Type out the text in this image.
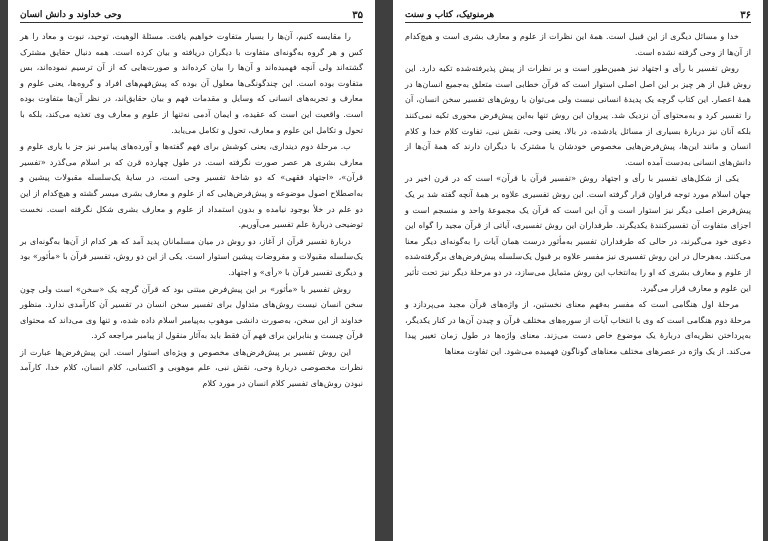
۳۵
وحی خداوند و دانش انسان

را مقایسه کنیم، آن‌ها را بسیار متفاوت خواهیم یافت. مسئلهٔ الوهیت، توحید، نبوت و معاد را هر کس و هر گروه به‌گونه‌ای متفاوت با دیگران دریافته و بیان کرده است. همه دنبال حقایق مشترک گشته‌اند ولی آنچه فهمیده‌اند و آن‌ها را بیان کرده‌اند و صورت‌هایی که از آن ترسیم نموده‌اند، بس متفاوت بوده است. این چندگونگی‌ها معلول آن بوده که پیش‌فهم‌های افراد و گروه‌ها، یعنی علوم و معارف و تجربه‌های انسانی که وسایل و مقدمات فهم و بیان حقایق‌اند، در نظر آن‌ها متفاوت بوده است. واقعیت این است که عقیده، و ایمان آدمی نه‌تنها از علوم و معارف وی تغذیه می‌کند، بلکه با تحول و تکامل این علوم و معارف، تحول و تکامل می‌یابد.

ب. مرحلهٔ دوم دینداری، یعنی کوشش برای فهم گفته‌ها و آورده‌های پیامبر نیز جز با یاری علوم و معارف بشری هر عصر صورت نگرفته است. در طول چهارده قرن که بر اسلام می‌گذرد «تفسیر قرآن»، «اجتهاد فقهی» که دو شاخهٔ تفسیر وحی است، در سایهٔ یک‌سلسله مقبولات پیشین و به‌اصطلاح اصول موضوعه و پیش‌فرض‌هایی که از علوم و معارف بشری میسر گشته و هیچ‌کدام از این دو علم در خلأ بوجود نیامده و بدون استمداد از علوم و معارف بشری شکل نگرفته است. نخست توضیحی دربارهٔ علم تفسیر می‌آوریم.

دربارهٔ تفسیر قرآن از آغاز، دو روش در میان مسلمانان پدید آمد که هر کدام از آن‌ها به‌گونه‌ای بر یک‌سلسله مقبولات و مفروضات پیشین استوار است. یکی از این دو روش، تفسیر قرآن با «مأثور» بود و دیگری تفسیر قرآن با «رأی» و اجتهاد.

روش تفسیر با «مأثور» بر این پیش‌فرض مبتنی بود که قرآن گرچه یک «سخن» است ولی چون سخن انسان نیست روش‌های متداول برای تفسیر سخن انسان در تفسیر آن کارآمدی ندارد. منظور خداوند از این سخن، به‌صورت دانشی موهوب به‌پیامبر اسلام داده شده، و تنها وی می‌داند که محتوای قرآن چیست و بنابراین برای فهم آن فقط باید به‌آثار منقول از پیامبر مراجعه کرد.

این روش تفسیر بر پیش‌فرض‌های مخصوص و ویژه‌ای استوار است. این پیش‌فرض‌ها عبارت از نظرات مخصوصی دربارهٔ وحی، نقش نبی، علم موهوبی و اکتسابی، کلام انسان، کلام خدا، کارآمد نبودن روش‌های تفسیر کلام انسان در مورد کلام

۳۶
هرمنوتیک، کتاب و سنت

خدا و مسائل دیگری از این قبیل است. همهٔ این نظرات از علوم و معارف بشری است و هیچ‌کدام از آن‌ها از وحی گرفته نشده است.

روش تفسیر با رأی و اجتهاد نیز همین‌طور است و بر نظرات از پیش پذیرفته‌شده تکیه دارد. این روش قبل از هر چیز بر این اصل اصلی استوار است که قرآن خطابی است متعلق به‌جمیع انسان‌ها در همهٔ اعصار. این کتاب گرچه یک پدیدهٔ انسانی نیست ولی می‌توان با روش‌های تفسیر سخن انسان، آن را تفسیر کرد و به‌محتوای آن نزدیک شد. پیروان این روش تنها به‌این پیش‌فرض محوری تکیه نمی‌کنند بلکه آنان نیز دربارهٔ بسیاری از مسائل یادشده، در بالا، یعنی وحی، نقش نبی، تفاوت کلام خدا و کلام انسان و مانند این‌ها، پیش‌فرض‌هایی مخصوص خودشان یا مشترک با دیگران دارند که همهٔ آن‌ها از دانش‌های انسانی به‌دست آمده است.

یکی از شکل‌های تفسیر با رأی و اجتهاد روش «تفسیر قرآن با قرآن» است که در قرن اخیر در جهان اسلام مورد توجه فراوان قرار گرفته است. این روش تفسیری علاوه بر همهٔ آنچه گفته شد بر یک پیش‌فرض اصلی دیگر نیز استوار است و آن این است که قرآن یک مجموعهٔ واحد و منسجم است و اجزای متفاوت آن تفسیرکنندهٔ یکدیگرند. طرفداران این روش تفسیری، آیاتی از قرآن مجید را گواه این دعوی خود می‌گیرند، در حالی که طرفداران تفسیر به‌مأثور درست همان آیات را به‌گونه‌ای دیگر معنا می‌کنند. به‌هرحال در این روش تفسیری نیز مفسر علاوه بر قبول یک‌سلسله پیش‌فرض‌های برگرفته‌شده از علوم و معارف بشری که او را به‌انتخاب این روش متمایل می‌سازد، در دو مرحلهٔ دیگر نیز تحت تأثیر این علوم و معارف قرار می‌گیرد.

مرحلهٔ اول هنگامی است که مفسر به‌فهم معنای نخستین، از واژه‌های قرآن مجید می‌پردازد و مرحلهٔ دوم هنگامی است که وی با انتخاب آیات از سوره‌های مختلف قرآن و چیدن آن‌ها در کنار یکدیگر، به‌پرداختن نظریه‌ای دربارهٔ یک موضوع خاص دست می‌زند. معنای واژه‌ها در طول زمان تغییر پیدا می‌کند. از یک واژه در عصرهای مختلف معناهای گوناگون فهمیده می‌شود. این تفاوت معناها
